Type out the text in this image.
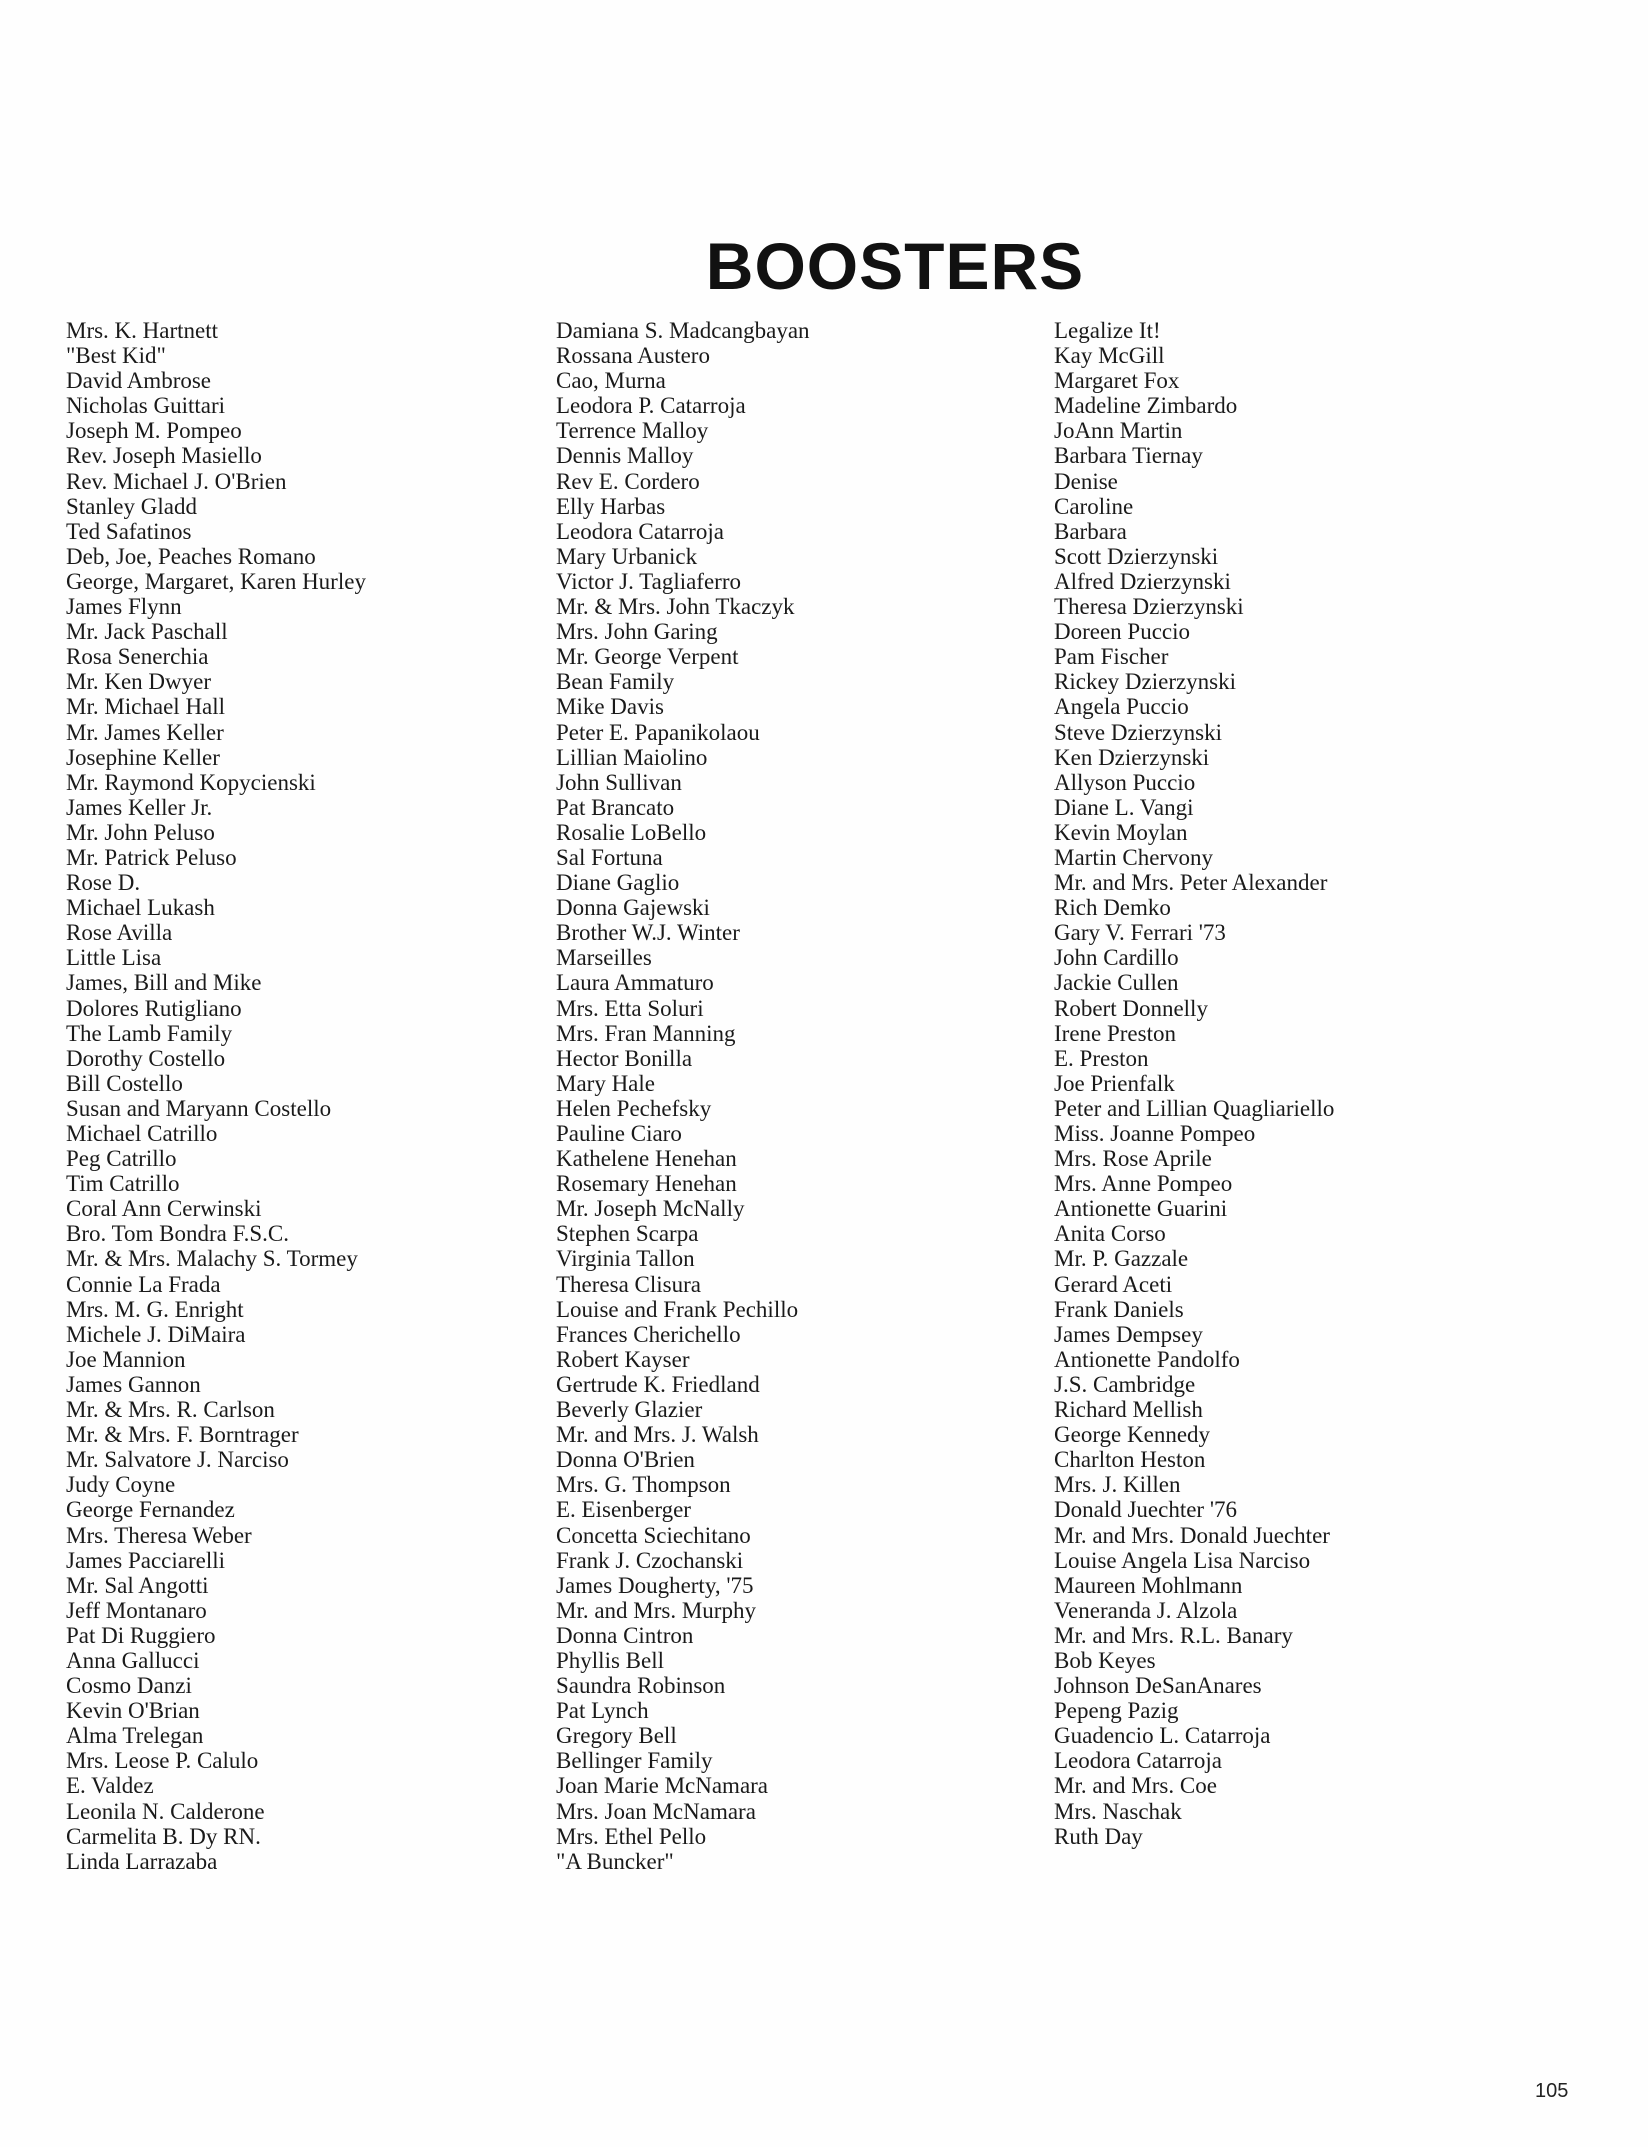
BOOSTERS
Mrs. K. Hartnett
"Best Kid"
David Ambrose
Nicholas Guittari
Joseph M. Pompeo
Rev. Joseph Masiello
Rev. Michael J. O'Brien
Stanley Gladd
Ted Safatinos
Deb, Joe, Peaches Romano
George, Margaret, Karen Hurley
James Flynn
Mr. Jack Paschall
Rosa Senerchia
Mr. Ken Dwyer
Mr. Michael Hall
Mr. James Keller
Josephine Keller
Mr. Raymond Kopycienski
James Keller Jr.
Mr. John Peluso
Mr. Patrick Peluso
Rose D.
Michael Lukash
Rose Avilla
Little Lisa
James, Bill and Mike
Dolores Rutigliano
The Lamb Family
Dorothy Costello
Bill Costello
Susan and Maryann Costello
Michael Catrillo
Peg Catrillo
Tim Catrillo
Coral Ann Cerwinski
Bro. Tom Bondra F.S.C.
Mr. & Mrs. Malachy S. Tormey
Connie La Frada
Mrs. M. G. Enright
Michele J. DiMaira
Joe Mannion
James Gannon
Mr. & Mrs. R. Carlson
Mr. & Mrs. F. Borntrager
Mr. Salvatore J. Narciso
Judy Coyne
George Fernandez
Mrs. Theresa Weber
James Pacciarelli
Mr. Sal Angotti
Jeff Montanaro
Pat Di Ruggiero
Anna Gallucci
Cosmo Danzi
Kevin O'Brian
Alma Trelegan
Mrs. Leose P. Calulo
E. Valdez
Leonila N. Calderone
Carmelita B. Dy RN.
Linda Larrazaba
Damiana S. Madcangbayan
Rossana Austero
Cao, Murna
Leodora P. Catarroja
Terrence Malloy
Dennis Malloy
Rev E. Cordero
Elly Harbas
Leodora Catarroja
Mary Urbanick
Victor J. Tagliaferro
Mr. & Mrs. John Tkaczyk
Mrs. John Garing
Mr. George Verpent
Bean Family
Mike Davis
Peter E. Papanikolaou
Lillian Maiolino
John Sullivan
Pat Brancato
Rosalie LoBello
Sal Fortuna
Diane Gaglio
Donna Gajewski
Brother W.J. Winter
Marseilles
Laura Ammaturo
Mrs. Etta Soluri
Mrs. Fran Manning
Hector Bonilla
Mary Hale
Helen Pechefsky
Pauline Ciaro
Kathelene Henehan
Rosemary Henehan
Mr. Joseph McNally
Stephen Scarpa
Virginia Tallon
Theresa Clisura
Louise and Frank Pechillo
Frances Cherichello
Robert Kayser
Gertrude K. Friedland
Beverly Glazier
Mr. and Mrs. J. Walsh
Donna O'Brien
Mrs. G. Thompson
E. Eisenberger
Concetta Sciechitano
Frank J. Czochanski
James Dougherty, '75
Mr. and Mrs. Murphy
Donna Cintron
Phyllis Bell
Saundra Robinson
Pat Lynch
Gregory Bell
Bellinger Family
Joan Marie McNamara
Mrs. Joan McNamara
Mrs. Ethel Pello
"A Buncker"
Legalize It!
Kay McGill
Margaret Fox
Madeline Zimbardo
JoAnn Martin
Barbara Tiernay
Denise
Caroline
Barbara
Scott Dzierzynski
Alfred Dzierzynski
Theresa Dzierzynski
Doreen Puccio
Pam Fischer
Rickey Dzierzynski
Angela Puccio
Steve Dzierzynski
Ken Dzierzynski
Allyson Puccio
Diane L. Vangi
Kevin Moylan
Martin Chervony
Mr. and Mrs. Peter Alexander
Rich Demko
Gary V. Ferrari '73
John Cardillo
Jackie Cullen
Robert Donnelly
Irene Preston
E. Preston
Joe Prienfalk
Peter and Lillian Quagliariello
Miss. Joanne Pompeo
Mrs. Rose Aprile
Mrs. Anne Pompeo
Antionette Guarini
Anita Corso
Mr. P. Gazzale
Gerard Aceti
Frank Daniels
James Dempsey
Antionette Pandolfo
J.S. Cambridge
Richard Mellish
George Kennedy
Charlton Heston
Mrs. J. Killen
Donald Juechter '76
Mr. and Mrs. Donald Juechter
Louise Angela Lisa Narciso
Maureen Mohlmann
Veneranda J. Alzola
Mr. and Mrs. R.L. Banary
Bob Keyes
Johnson DeSanAnares
Pepeng Pazig
Guadencio L. Catarroja
Leodora Catarroja
Mr. and Mrs. Coe
Mrs. Naschak
Ruth Day
105
